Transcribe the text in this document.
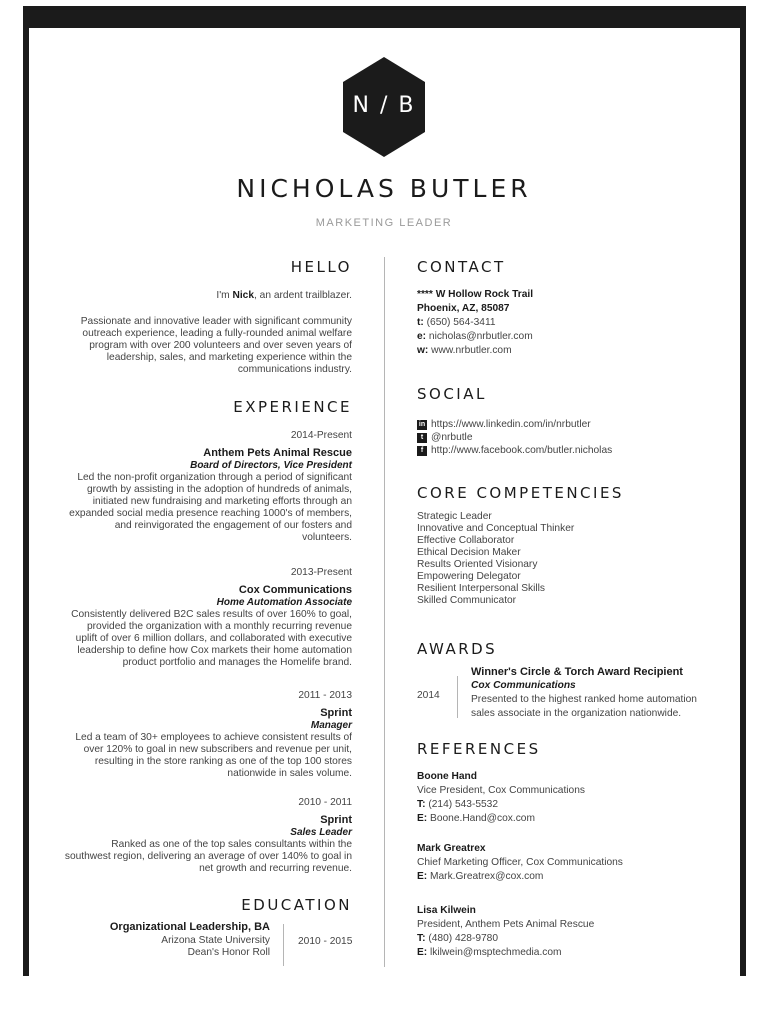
N / B
NICHOLAS BUTLER
MARKETING LEADER
HELLO
I'm Nick, an ardent trailblazer.
Passionate and innovative leader with significant community
outreach experience, leading a fully-rounded animal welfare
program with over 200 volunteers and over seven years of
leadership, sales, and marketing experience within the
communications industry.
EXPERIENCE
2014-Present
Anthem Pets Animal Rescue
Board of Directors, Vice President
Led the non-profit organization through a period of significant
growth by assisting in the adoption of hundreds of animals,
initiated new fundraising and marketing efforts through an
expanded social media presence reaching 1000's of members,
and reinvigorated the engagement of our fosters and
volunteers.
2013-Present
Cox Communications
Home Automation Associate
Consistently delivered B2C sales results of over 160% to goal,
provided the organization with a monthly recurring revenue
uplift of over 6 million dollars, and collaborated with executive
leadership to define how Cox markets their home automation
product portfolio and manages the Homelife brand.
2011 - 2013
Sprint
Manager
Led a team of 30+ employees to achieve consistent results of
over 120% to goal in new subscribers and revenue per unit,
resulting in the store ranking as one of the top 100 stores
nationwide in sales volume.
2010 - 2011
Sprint
Sales Leader
Ranked as one of the top sales consultants within the
southwest region, delivering an average of over 140% to goal in
net growth and recurring revenue.
EDUCATION
Organizational Leadership, BA
Arizona State University
Dean's Honor Roll
2010 - 2015
CONTACT
**** W Hollow Rock Trail
Phoenix, AZ, 85087
t: (650) 564-3411
e: nicholas@nrbutler.com
w: www.nrbutler.com
SOCIAL
in https://www.linkedin.com/in/nrbutler
t @nrbutle
f http://www.facebook.com/butler.nicholas
CORE COMPETENCIES
Strategic Leader
Innovative and Conceptual Thinker
Effective Collaborator
Ethical Decision Maker
Results Oriented Visionary
Empowering Delegator
Resilient Interpersonal Skills
Skilled Communicator
AWARDS
2014
Winner's Circle & Torch Award Recipient
Cox Communications
Presented to the highest ranked home automation
sales associate in the organization nationwide.
REFERENCES
Boone Hand
Vice President, Cox Communications
T: (214) 543-5532
E: Boone.Hand@cox.com
Mark Greatrex
Chief Marketing Officer, Cox Communications
E: Mark.Greatrex@cox.com
Lisa Kilwein
President, Anthem Pets Animal Rescue
T: (480) 428-9780
E: lkilwein@msptechmedia.com
